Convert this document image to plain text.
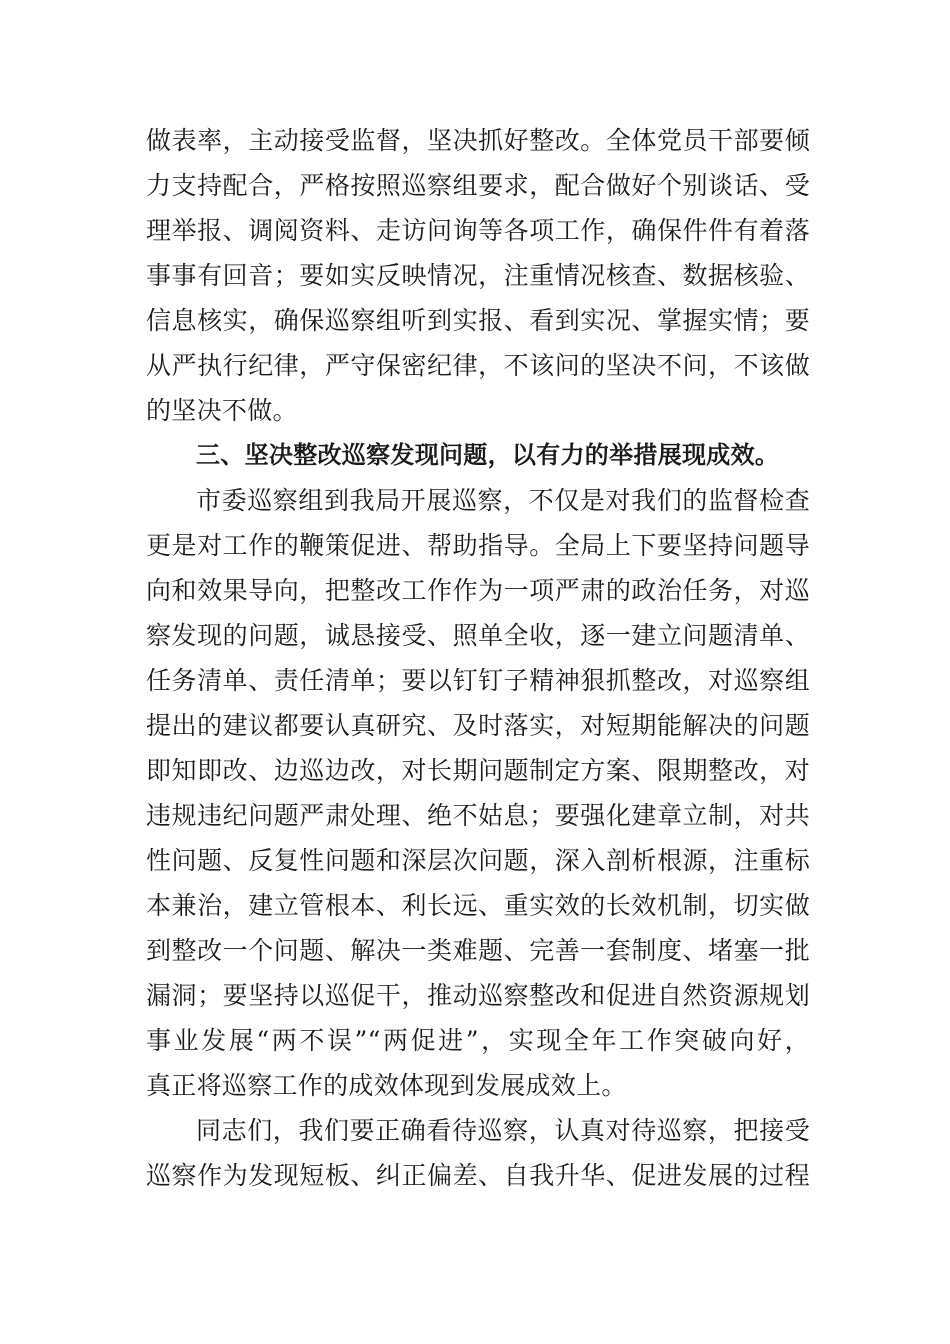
做表率，主动接受监督，坚决抓好整改。全体党员干部要倾
力支持配合，严格按照巡察组要求，配合做好个别谈话、受
理举报、调阅资料、走访问询等各项工作，确保件件有着落
事事有回音；要如实反映情况，注重情况核查、数据核验、
信息核实，确保巡察组听到实报、看到实况、掌握实情；要
从严执行纪律，严守保密纪律，不该问的坚决不问，不该做
的坚决不做。
三、坚决整改巡察发现问题，以有力的举措展现成效。
市委巡察组到我局开展巡察，不仅是对我们的监督检查
更是对工作的鞭策促进、帮助指导。全局上下要坚持问题导
向和效果导向，把整改工作作为一项严肃的政治任务，对巡
察发现的问题，诚恳接受、照单全收，逐一建立问题清单、
任务清单、责任清单；要以钉钉子精神狠抓整改，对巡察组
提出的建议都要认真研究、及时落实，对短期能解决的问题
即知即改、边巡边改，对长期问题制定方案、限期整改，对
违规违纪问题严肃处理、绝不姑息；要强化建章立制，对共
性问题、反复性问题和深层次问题，深入剖析根源，注重标
本兼治，建立管根本、利长远、重实效的长效机制，切实做
到整改一个问题、解决一类难题、完善一套制度、堵塞一批
漏洞；要坚持以巡促干，推动巡察整改和促进自然资源规划
事业发展“两不误”“两促进”，实现全年工作突破向好，
真正将巡察工作的成效体现到发展成效上。
同志们，我们要正确看待巡察，认真对待巡察，把接受
巡察作为发现短板、纠正偏差、自我升华、促进发展的过程
